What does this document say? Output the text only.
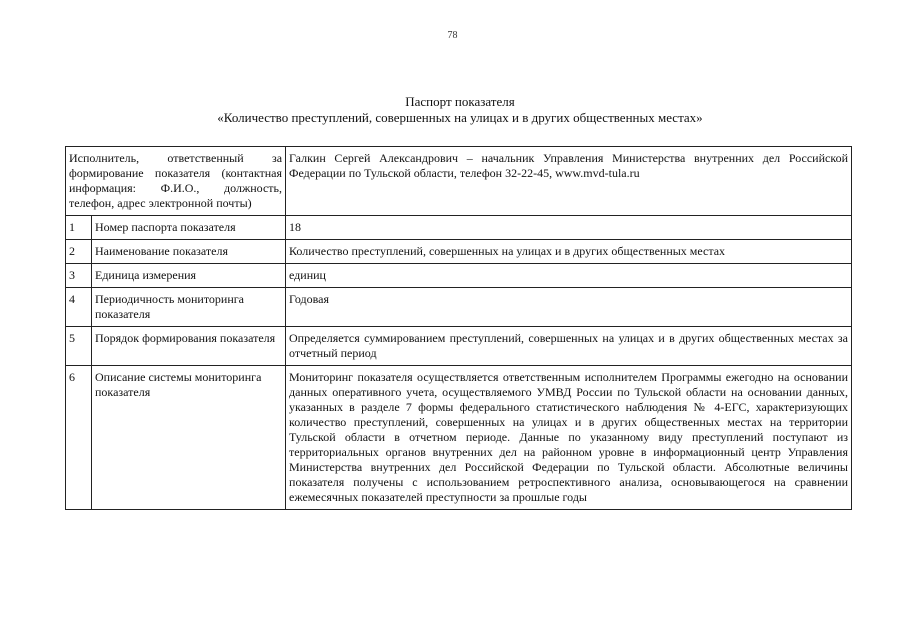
78
Паспорт показателя
«Количество преступлений, совершенных на улицах и в других общественных местах»
Исполнитель, ответственный за формирование показателя (контактная информация: Ф.И.О., должность, телефон, адрес электронной почты)		Галкин Сергей Александрович – начальник Управления Министерства внутренних дел Российской Федерации по Тульской области, телефон 32-22-45, www.mvd-tula.ru
1	Номер паспорта показателя	18
2	Наименование показателя	Количество преступлений, совершенных на улицах и в других общественных местах
3	Единица измерения	единиц
4	Периодичность мониторинга показателя	Годовая
5	Порядок формирования показателя	Определяется суммированием преступлений, совершенных на улицах и в других общественных местах за отчетный период
6	Описание системы мониторинга показателя	Мониторинг показателя осуществляется ответственным исполнителем Программы ежегодно на основании данных оперативного учета, осуществляемого УМВД России по Тульской области на основании данных, указанных в разделе 7 формы федерального статистического наблюдения № 4-ЕГС, характеризующих количество преступлений, совершенных на улицах и в других общественных местах на территории Тульской области в отчетном периоде. Данные по указанному виду преступлений поступают из территориальных органов внутренних дел на районном уровне в информационный центр Управления Министерства внутренних дел Российской Федерации по Тульской области. Абсолютные величины показателя получены с использованием ретроспективного анализа, основывающегося на сравнении ежемесячных показателей преступности за прошлые годы
